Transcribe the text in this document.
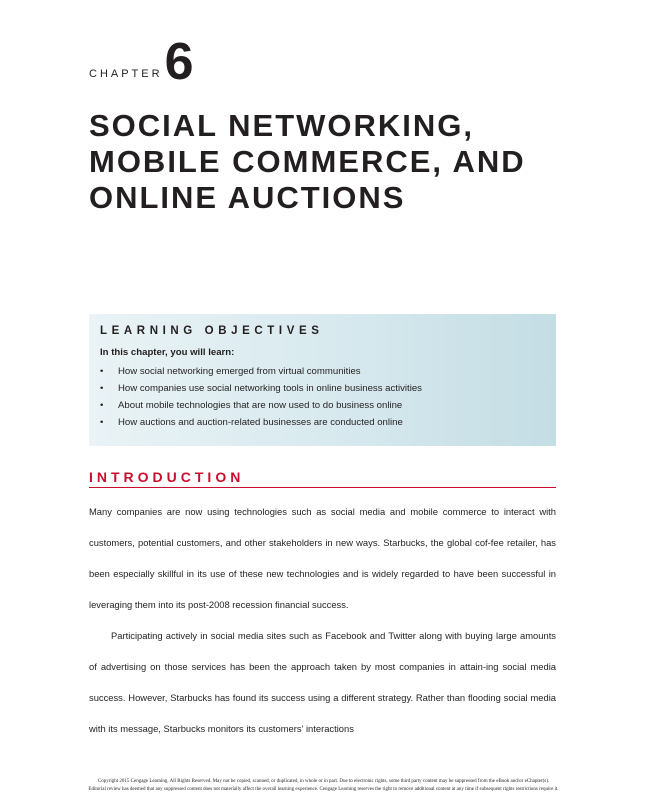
CHAPTER 6
SOCIAL NETWORKING,
MOBILE COMMERCE, AND
ONLINE AUCTIONS
LEARNING OBJECTIVES
In this chapter, you will learn:
•	How social networking emerged from virtual communities
•	How companies use social networking tools in online business activities
•	About mobile technologies that are now used to do business online
•	How auctions and auction-related businesses are conducted online
INTRODUCTION

Many companies are now using technologies such as social media and mobile commerce to interact with customers, potential customers, and other stakeholders in new ways. Starbucks, the global cof-fee retailer, has been especially skillful in its use of these new technologies and is widely regarded to have been successful in leveraging them into its post-2008 recession financial success.

Participating actively in social media sites such as Facebook and Twitter along with buying large amounts of advertising on those services has been the approach taken by most companies in attain-ing social media success. However, Starbucks has found its success using a different strategy. Rather than flooding social media with its message, Starbucks monitors its customers' interactions

Copyright 2015 Cengage Learning. All Rights Reserved. May not be copied, scanned, or duplicated, in whole or in part. Due to electronic rights, some third party content may be suppressed from the eBook and/or eChapter(s).
Editorial review has deemed that any suppressed content does not materially affect the overall learning experience. Cengage Learning reserves the right to remove additional content at any time if subsequent rights restrictions require it.
